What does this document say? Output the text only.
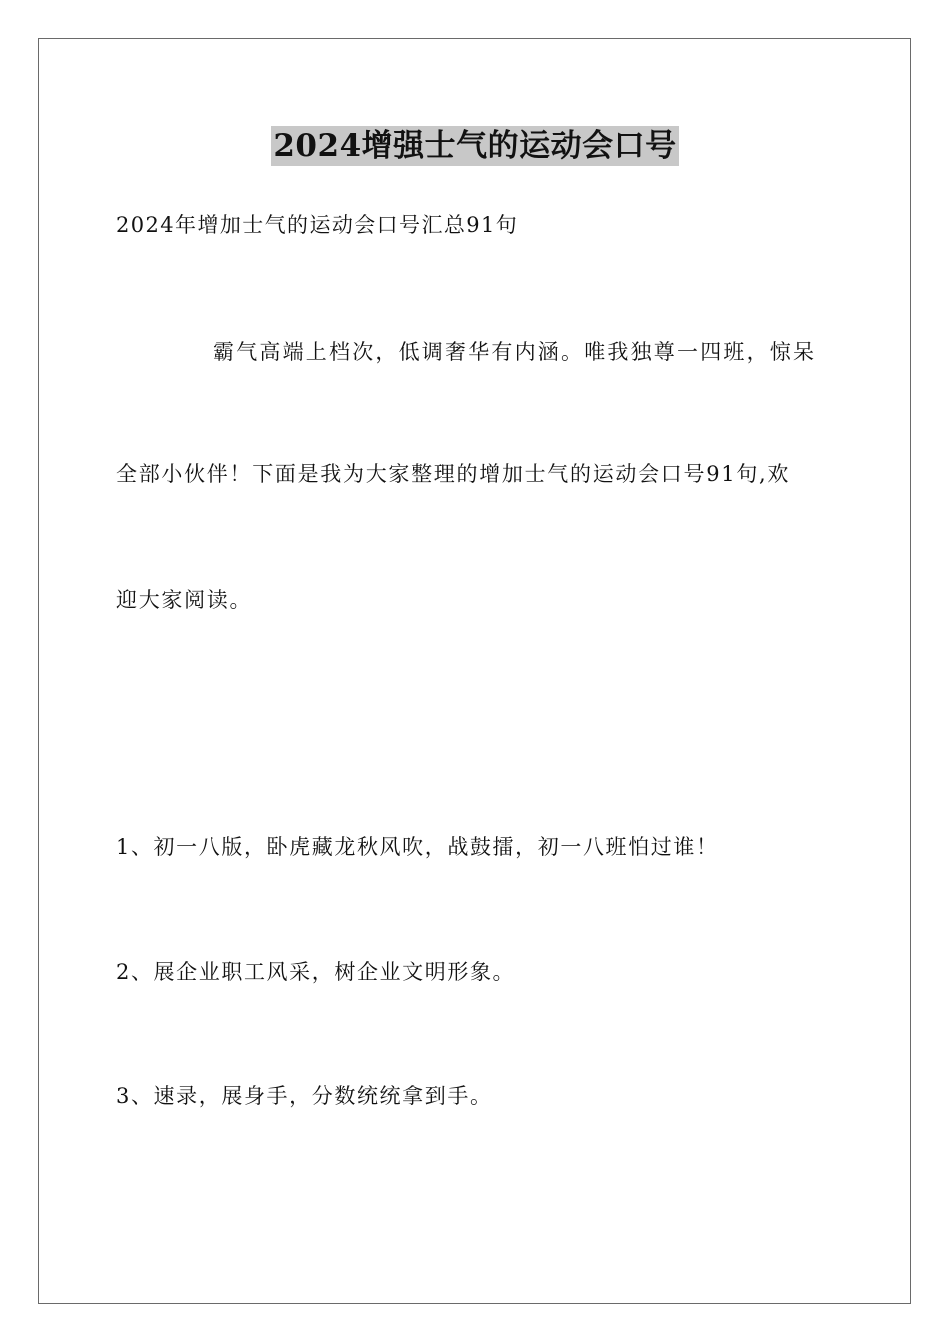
2024增强士气的运动会口号
2024年增加士气的运动会口号汇总91句
霸气高端上档次，低调奢华有内涵。唯我独尊一四班，惊呆
全部小伙伴！下面是我为大家整理的增加士气的运动会口号91句,欢
迎大家阅读。
1、初一八版，卧虎藏龙秋风吹，战鼓擂，初一八班怕过谁！
2、展企业职工风采，树企业文明形象。
3、速录，展身手，分数统统拿到手。
